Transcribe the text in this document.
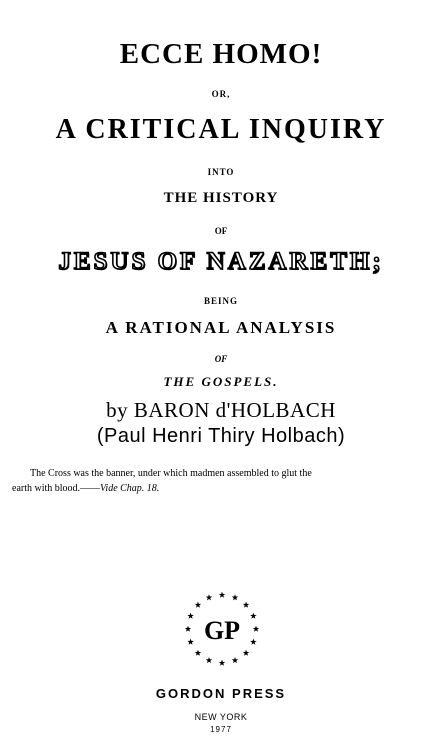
ECCE HOMO!
OR,
A CRITICAL INQUIRY
INTO
THE HISTORY
OF
JESUS OF NAZARETH;
BEING
A RATIONAL ANALYSIS
OF
THE GOSPELS.
by BARON d'HOLBACH
(Paul Henri Thiry Holbach)
The Cross was the banner, under which madmen assembled to glut the
earth with blood.——Vide Chap. 18.
GP
GORDON PRESS
NEW YORK
1977
